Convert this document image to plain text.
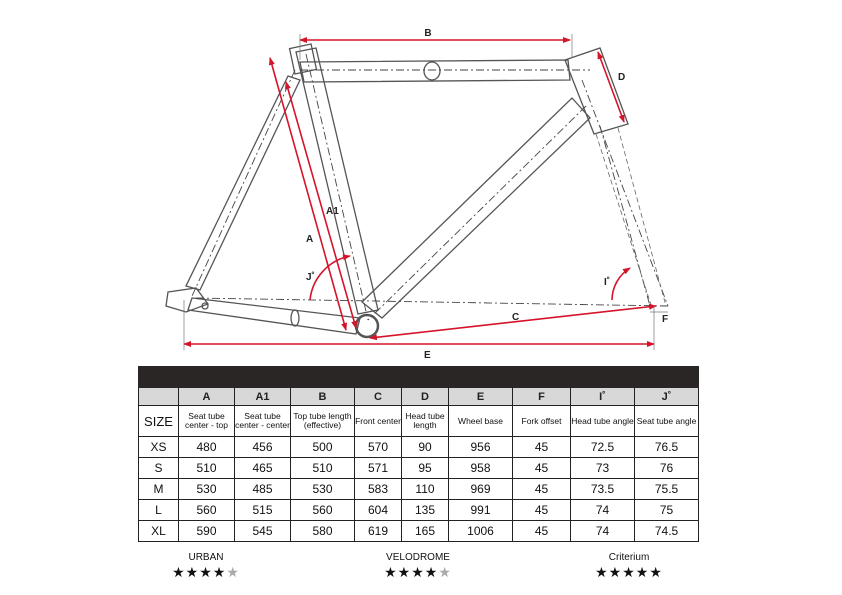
B
D
A
A1
J˚	I˚
C
E
F

	A	A1	B	C	D	E	F	I˚	J˚
SIZE	Seat tube center - top	Seat tube center - center	Top tube length (effective)	Front center	Head tube length	Wheel base	Fork offset	Head tube angle	Seat tube angle
XS	480	456	500	570	90	956	45	72.5	76.5
S	510	465	510	571	95	958	45	73	76
M	530	485	530	583	110	969	45	73.5	75.5
L	560	515	560	604	135	991	45	74	75
XL	590	545	580	619	165	1006	45	74	74.5
URBAN
★★★★★
VELODROME
★★★★★
Criterium
★★★★★
